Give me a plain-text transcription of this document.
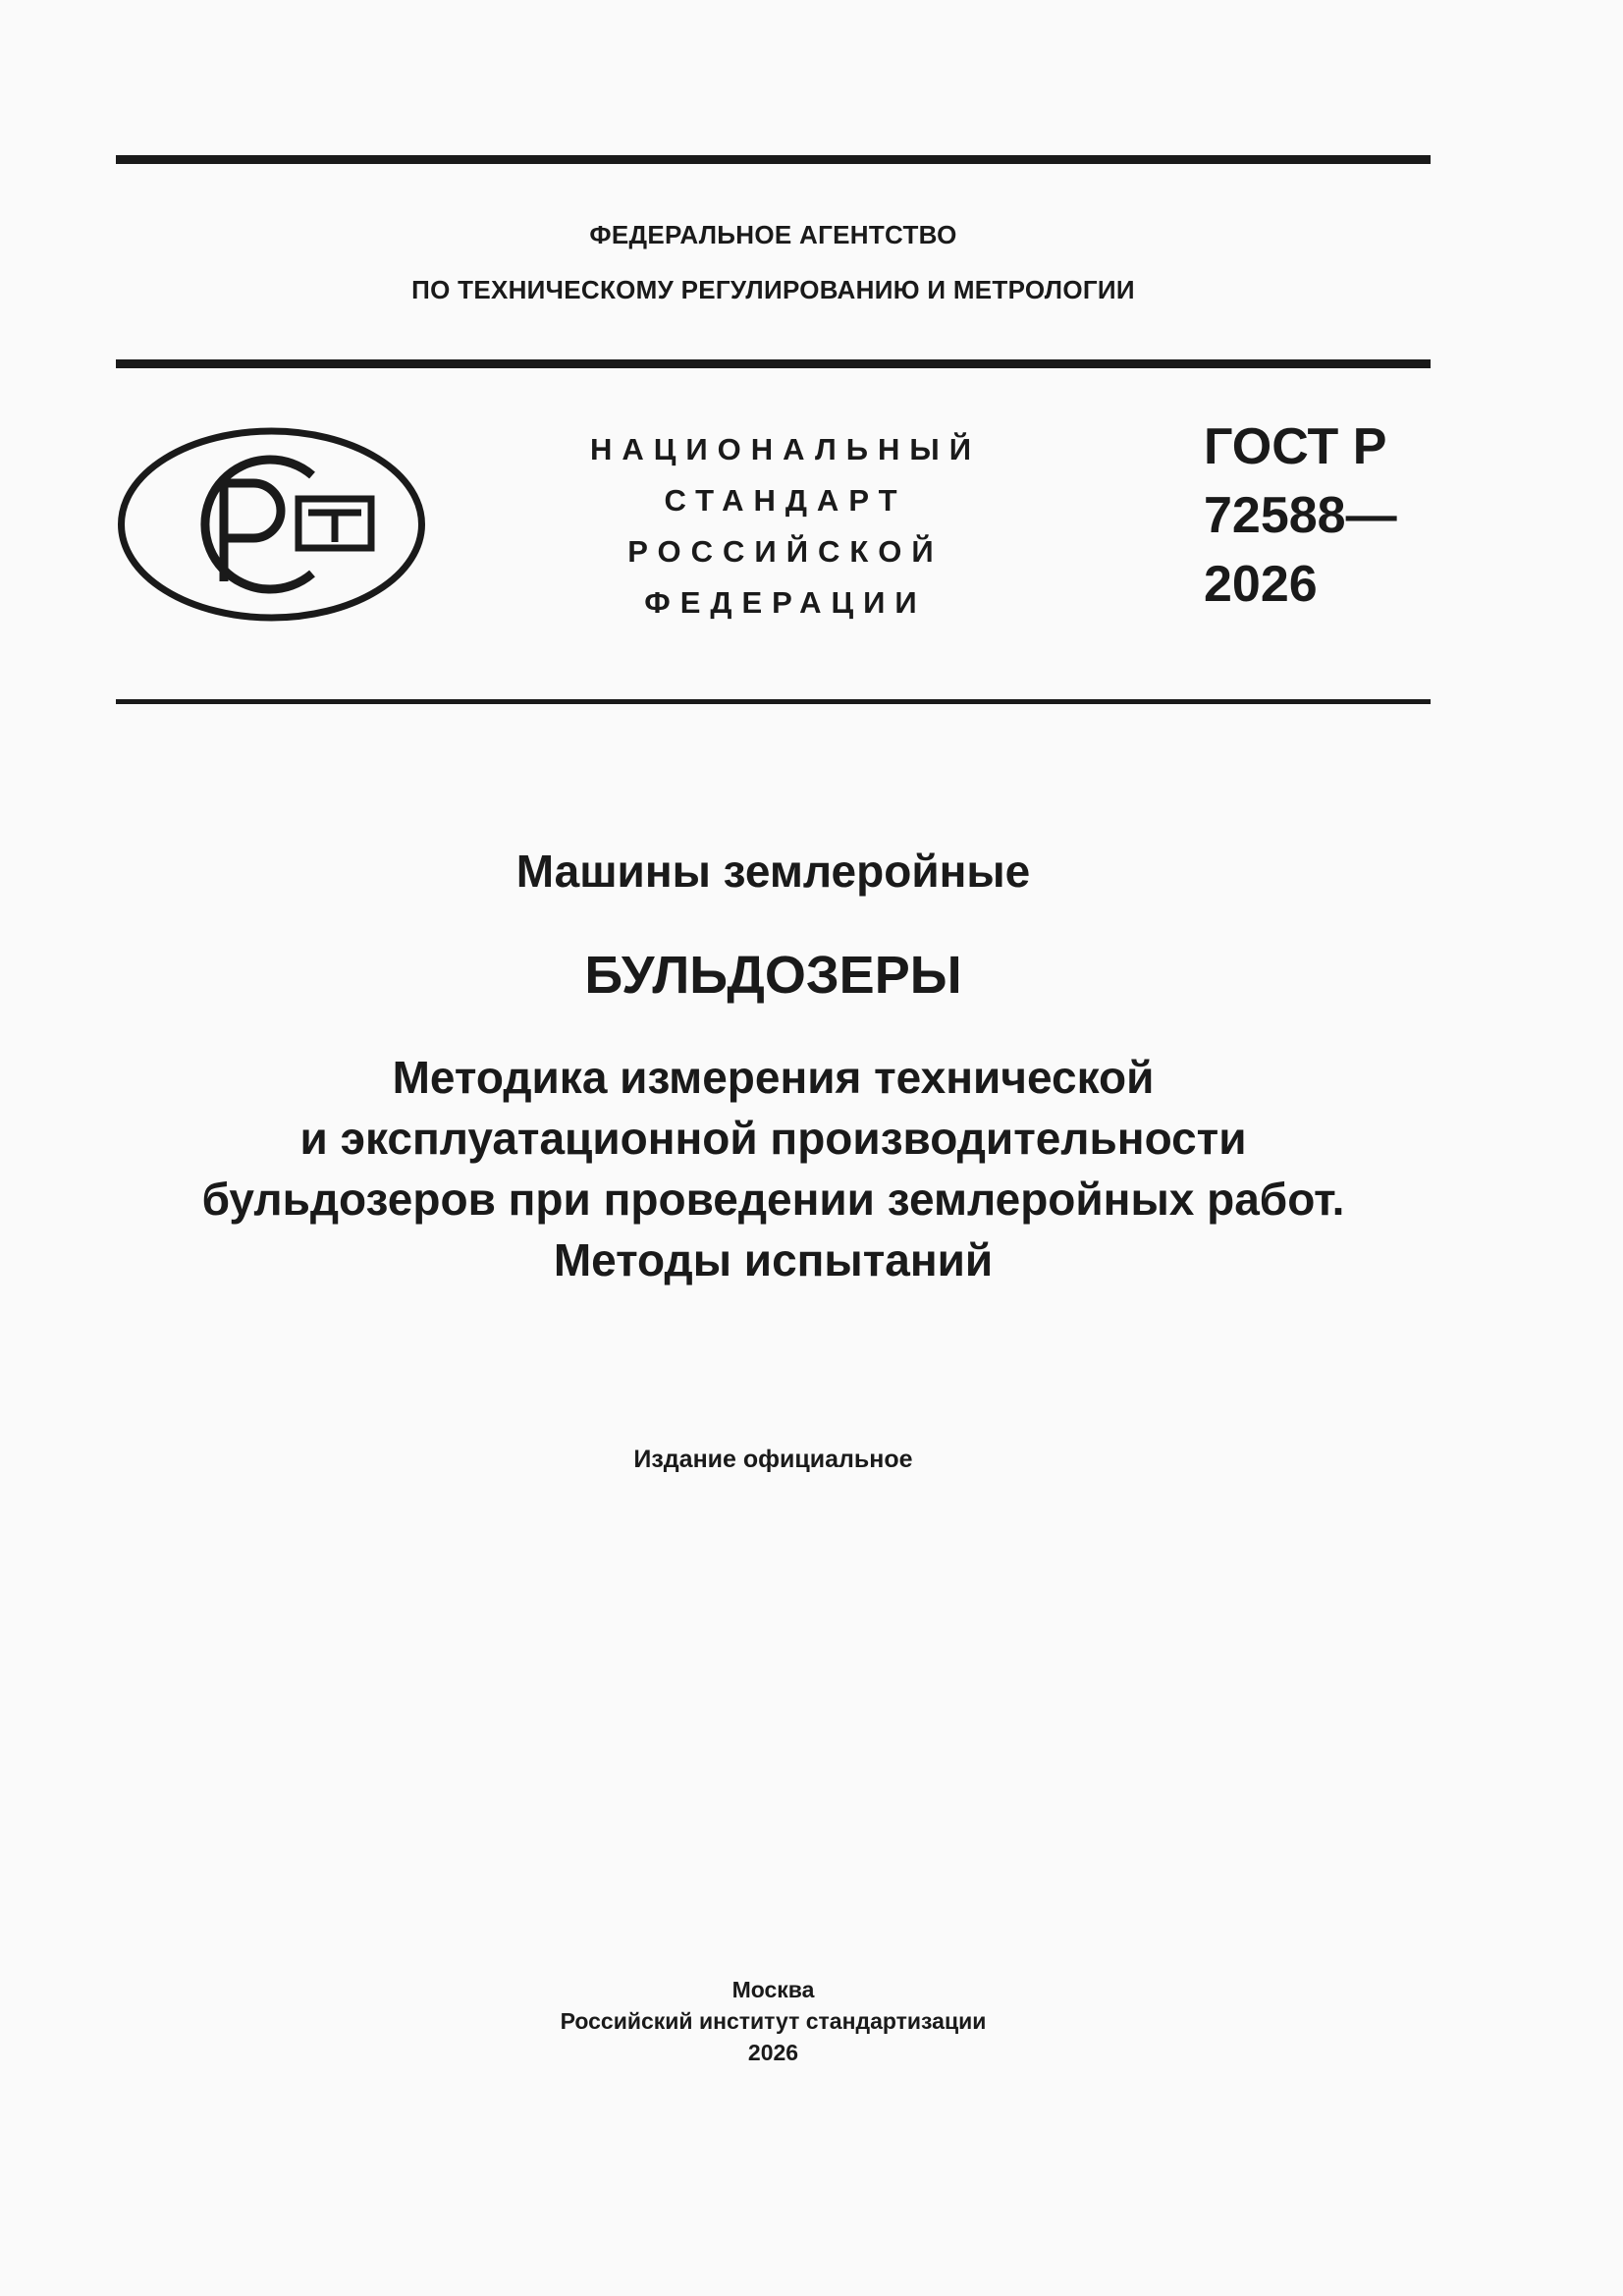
ФЕДЕРАЛЬНОЕ АГЕНТСТВО
ПО ТЕХНИЧЕСКОМУ РЕГУЛИРОВАНИЮ И МЕТРОЛОГИИ
НАЦИОНАЛЬНЫЙ
СТАНДАРТ
РОССИЙСКОЙ
ФЕДЕРАЦИИ
ГОСТ Р
72588—
2026
Машины землеройные
БУЛЬДОЗЕРЫ
Методика измерения технической
и эксплуатационной производительности
бульдозеров при проведении землеройных работ.
Методы испытаний
Издание официальное
Москва
Российский институт стандартизации
2026
